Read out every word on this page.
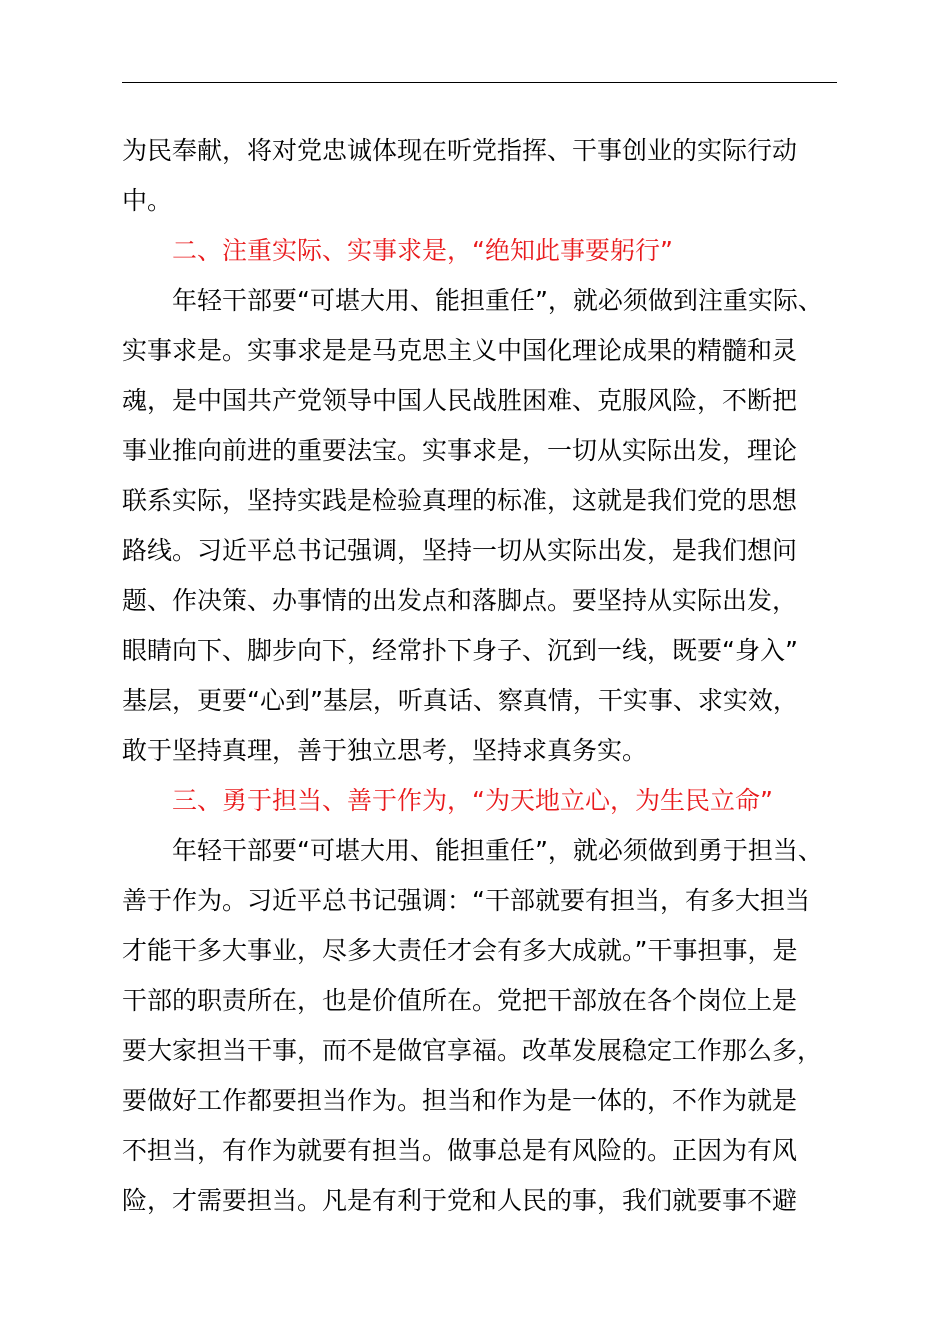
为民奉献，将对党忠诚体现在听党指挥、干事创业的实际行动
中。
二、注重实际、实事求是，“绝知此事要躬行”
年轻干部要“可堪大用、能担重任”，就必须做到注重实际、
实事求是。实事求是是马克思主义中国化理论成果的精髓和灵
魂，是中国共产党领导中国人民战胜困难、克服风险，不断把
事业推向前进的重要法宝。实事求是，一切从实际出发，理论
联系实际，坚持实践是检验真理的标准，这就是我们党的思想
路线。习近平总书记强调，坚持一切从实际出发，是我们想问
题、作决策、办事情的出发点和落脚点。要坚持从实际出发，
眼睛向下、脚步向下，经常扑下身子、沉到一线，既要“身入”
基层，更要“心到”基层，听真话、察真情，干实事、求实效，
敢于坚持真理，善于独立思考，坚持求真务实。
三、勇于担当、善于作为，“为天地立心，为生民立命”
年轻干部要“可堪大用、能担重任”，就必须做到勇于担当、
善于作为。习近平总书记强调：“干部就要有担当，有多大担当
才能干多大事业，尽多大责任才会有多大成就。”干事担事，是
干部的职责所在，也是价值所在。党把干部放在各个岗位上是
要大家担当干事，而不是做官享福。改革发展稳定工作那么多，
要做好工作都要担当作为。担当和作为是一体的，不作为就是
不担当，有作为就要有担当。做事总是有风险的。正因为有风
险，才需要担当。凡是有利于党和人民的事，我们就要事不避
